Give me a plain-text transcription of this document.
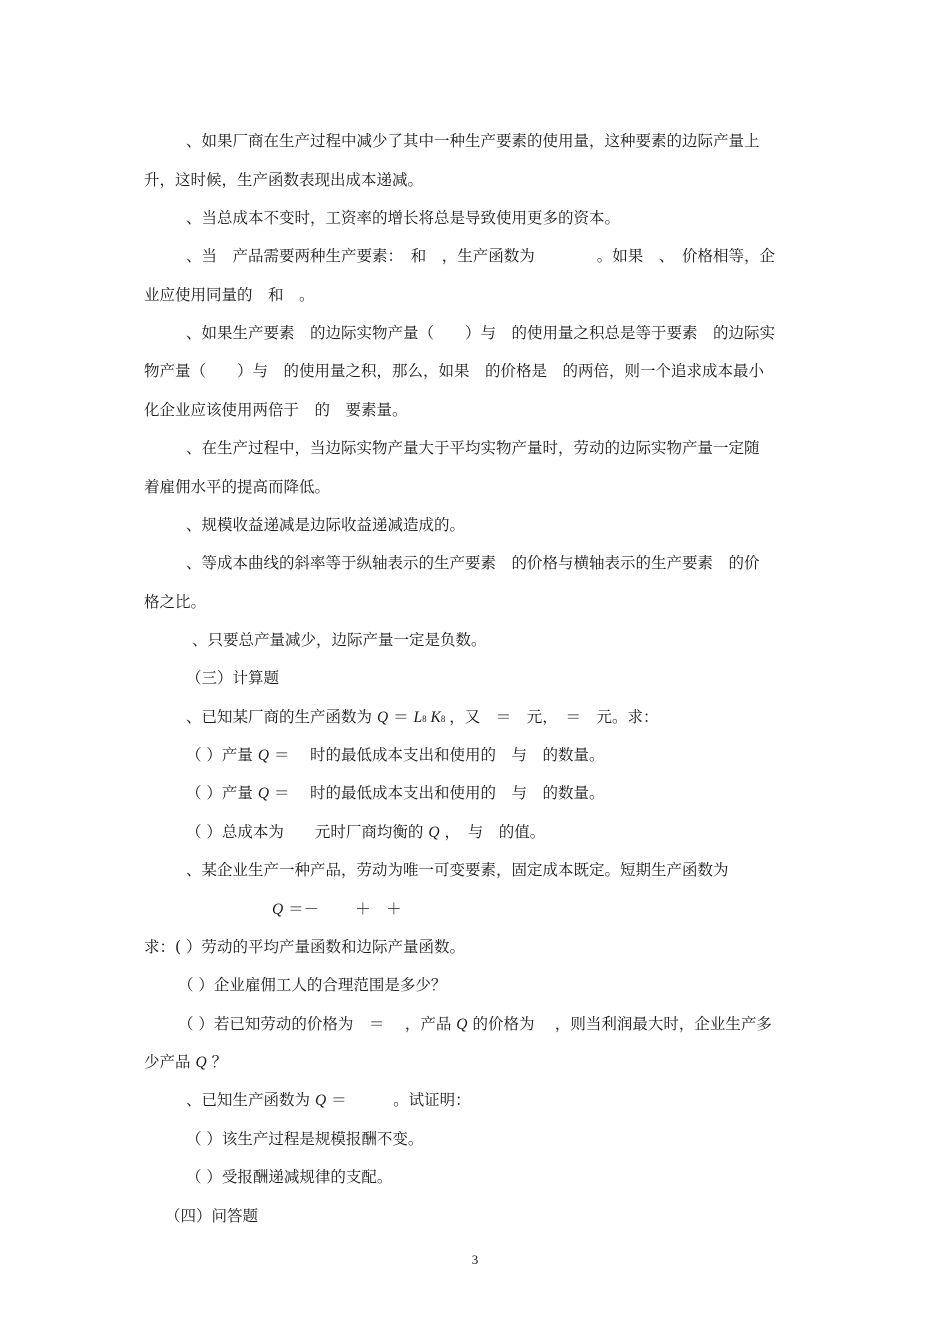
、如果厂商在生产过程中减少了其中一种生产要素的使用量，这种要素的边际产量上
升，这时候，生产函数表现出成本递减。
、当总成本不变时，工资率的增长将总是导致使用更多的资本。
、当　产品需要两种生产要素：　和　，生产函数为　　　　。如果　、　价格相等，企
业应使用同量的　和　。
、如果生产要素　的边际实物产量（　　）与　的使用量之积总是等于要素　的边际实
物产量（　　）与　的使用量之积，那么，如果　的价格是　的两倍，则一个追求成本最小
化企业应该使用两倍于　的　要素量。
、在生产过程中，当边际实物产量大于平均实物产量时，劳动的边际实物产量一定随
着雇佣水平的提高而降低。
、规模收益递减是边际收益递减造成的。
、等成本曲线的斜率等于纵轴表示的生产要素　的价格与横轴表示的生产要素　的价
格之比。
、只要总产量减少，边际产量一定是负数。
（三）计算题
、已知某厂商的生产函数为 Q ＝ L8 K8 ，又　＝　元，　＝　元。求：
（ ）产量 Q ＝　 时的最低成本支出和使用的　与　的数量。
（ ）产量 Q ＝　 时的最低成本支出和使用的　与　的数量。
（ ）总成本为　　元时厂商均衡的 Q ，　与　的值。
、某企业生产一种产品，劳动为唯一可变要素，固定成本既定。短期生产函数为
Q ＝－　　 ＋　＋
求：( ）劳动的平均产量函数和边际产量函数。
（ ）企业雇佣工人的合理范围是多少？
（ ）若已知劳动的价格为　＝　 ，产品 Q 的价格为　 ，则当利润最大时，企业生产多
少产品 Q ？
、已知生产函数为 Q ＝　　　。试证明：
（ ）该生产过程是规模报酬不变。
（ ）受报酬递减规律的支配。
（四）问答题
3
